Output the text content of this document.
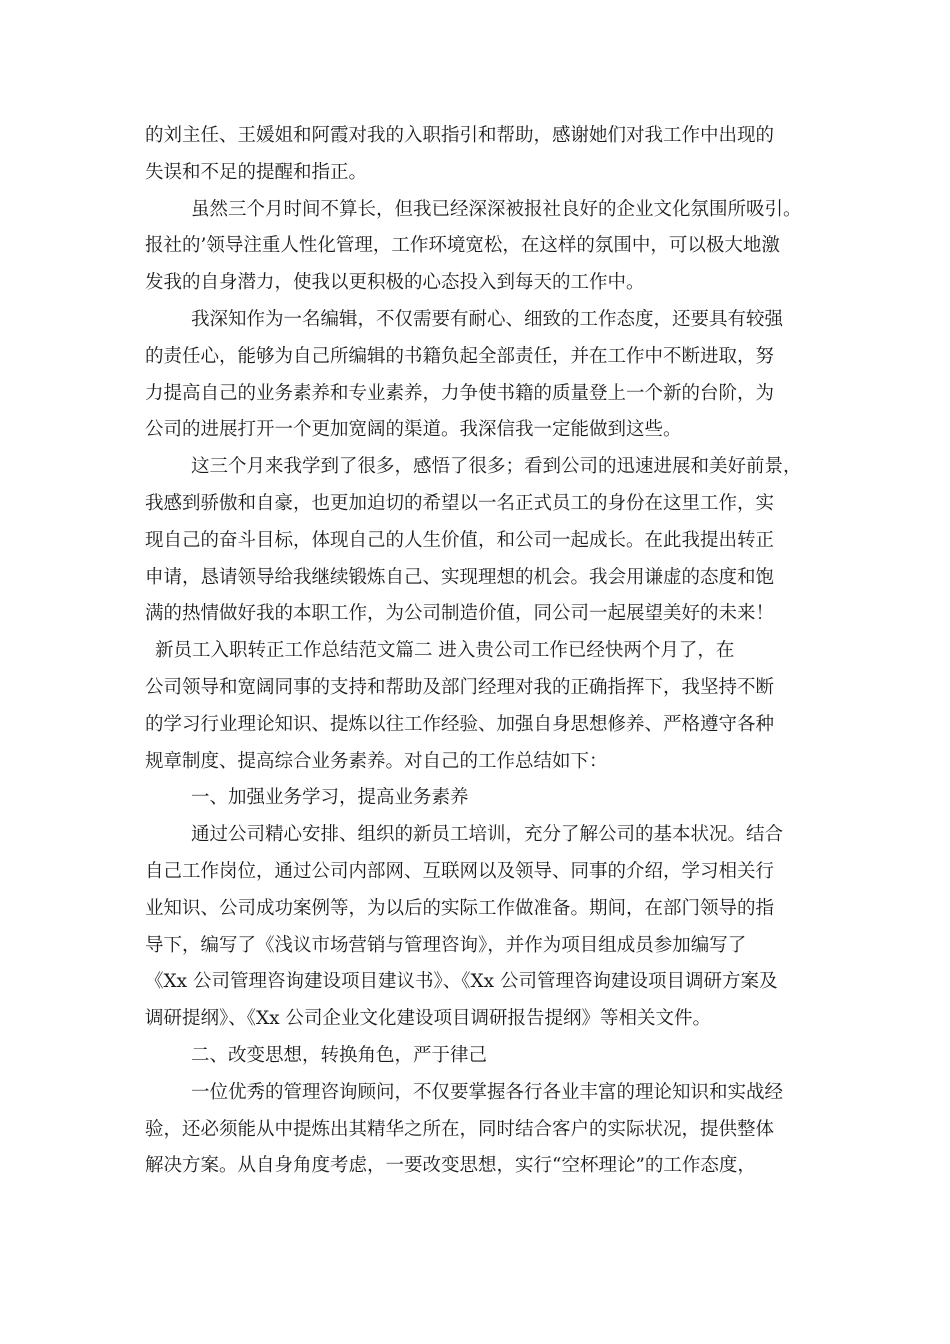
的刘主任、王媛姐和阿霞对我的入职指引和帮助，感谢她们对我工作中出现的
失误和不足的提醒和指正。
虽然三个月时间不算长，但我已经深深被报社良好的企业文化氛围所吸引。
报社的’领导注重人性化管理，工作环境宽松，在这样的氛围中，可以极大地激
发我的自身潜力，使我以更积极的心态投入到每天的工作中。
我深知作为一名编辑，不仅需要有耐心、细致的工作态度，还要具有较强
的责任心，能够为自己所编辑的书籍负起全部责任，并在工作中不断进取，努
力提高自己的业务素养和专业素养，力争使书籍的质量登上一个新的台阶，为
公司的进展打开一个更加宽阔的渠道。我深信我一定能做到这些。
这三个月来我学到了很多，感悟了很多；看到公司的迅速进展和美好前景，
我感到骄傲和自豪，也更加迫切的希望以一名正式员工的身份在这里工作，实
现自己的奋斗目标，体现自己的人生价值，和公司一起成长。在此我提出转正
申请，恳请领导给我继续锻炼自己、实现理想的机会。我会用谦虚的态度和饱
满的热情做好我的本职工作，为公司制造价值，同公司一起展望美好的未来！
新员工入职转正工作总结范文篇二 进入贵公司工作已经快两个月了，在
公司领导和宽阔同事的支持和帮助及部门经理对我的正确指挥下，我坚持不断
的学习行业理论知识、提炼以往工作经验、加强自身思想修养、严格遵守各种
规章制度、提高综合业务素养。对自己的工作总结如下：
一、加强业务学习，提高业务素养
通过公司精心安排、组织的新员工培训，充分了解公司的基本状况。结合
自己工作岗位，通过公司内部网、互联网以及领导、同事的介绍，学习相关行
业知识、公司成功案例等，为以后的实际工作做准备。期间，在部门领导的指
导下，编写了《浅议市场营销与管理咨询》，并作为项目组成员参加编写了
《Xx 公司管理咨询建设项目建议书》、《Xx 公司管理咨询建设项目调研方案及
调研提纲》、《Xx 公司企业文化建设项目调研报告提纲》等相关文件。
二、改变思想，转换角色，严于律己
一位优秀的管理咨询顾问，不仅要掌握各行各业丰富的理论知识和实战经
验，还必须能从中提炼出其精华之所在，同时结合客户的实际状况，提供整体
解决方案。从自身角度考虑，一要改变思想，实行“空杯理论”的工作态度，
